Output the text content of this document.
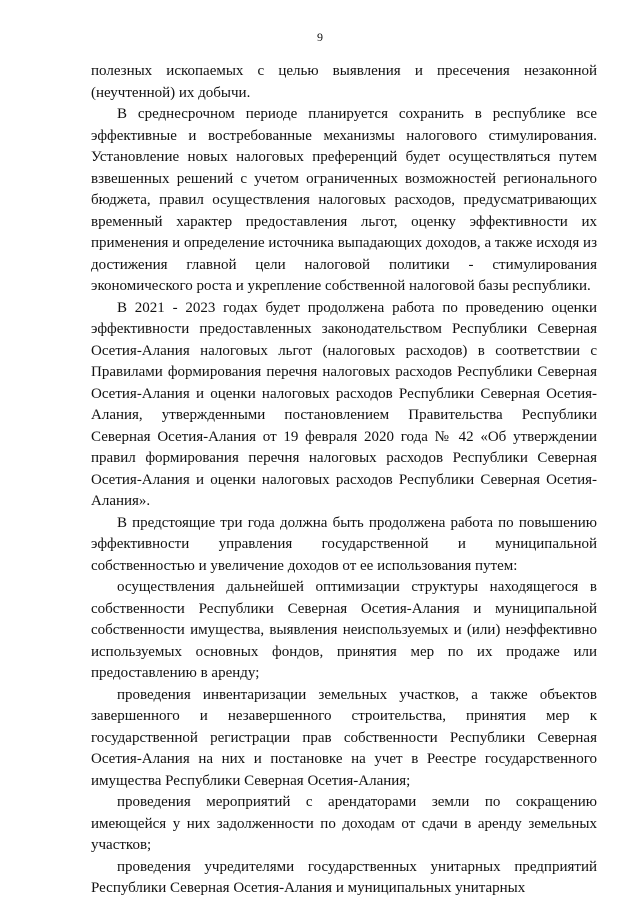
9

полезных ископаемых с целью выявления и пресечения незаконной (неучтенной) их добычи.

В среднесрочном периоде планируется сохранить в республике все эффективные и востребованные механизмы налогового стимулирования. Установление новых налоговых преференций будет осуществляться путем взвешенных решений с учетом ограниченных возможностей регионального бюджета, правил осуществления налоговых расходов, предусматривающих временный характер предоставления льгот, оценку эффективности их применения и определение источника выпадающих доходов, а также исходя из достижения главной цели налоговой политики - стимулирования экономического роста и укрепление собственной налоговой базы республики.

В 2021 - 2023 годах будет продолжена работа по проведению оценки эффективности предоставленных законодательством Республики Северная Осетия-Алания налоговых льгот (налоговых расходов) в соответствии с Правилами формирования перечня налоговых расходов Республики Северная Осетия-Алания и оценки налоговых расходов Республики Северная Осетия-Алания, утвержденными постановлением Правительства Республики Северная Осетия-Алания от 19 февраля 2020 года № 42 «Об утверждении правил формирования перечня налоговых расходов Республики Северная Осетия-Алания и оценки налоговых расходов Республики Северная Осетия-Алания».

В предстоящие три года должна быть продолжена работа по повышению эффективности управления государственной и муниципальной собственностью и увеличение доходов от ее использования путем:

осуществления дальнейшей оптимизации структуры находящегося в собственности Республики Северная Осетия-Алания и муниципальной собственности имущества, выявления неиспользуемых и (или) неэффективно используемых основных фондов, принятия мер по их продаже или предоставлению в аренду;

проведения инвентаризации земельных участков, а также объектов завершенного и незавершенного строительства, принятия мер к государственной регистрации прав собственности Республики Северная Осетия-Алания на них и постановке на учет в Реестре государственного имущества Республики Северная Осетия-Алания;

проведения мероприятий с арендаторами земли по сокращению имеющейся у них задолженности по доходам от сдачи в аренду земельных участков;

проведения учредителями государственных унитарных предприятий Республики Северная Осетия-Алания и муниципальных унитарных
